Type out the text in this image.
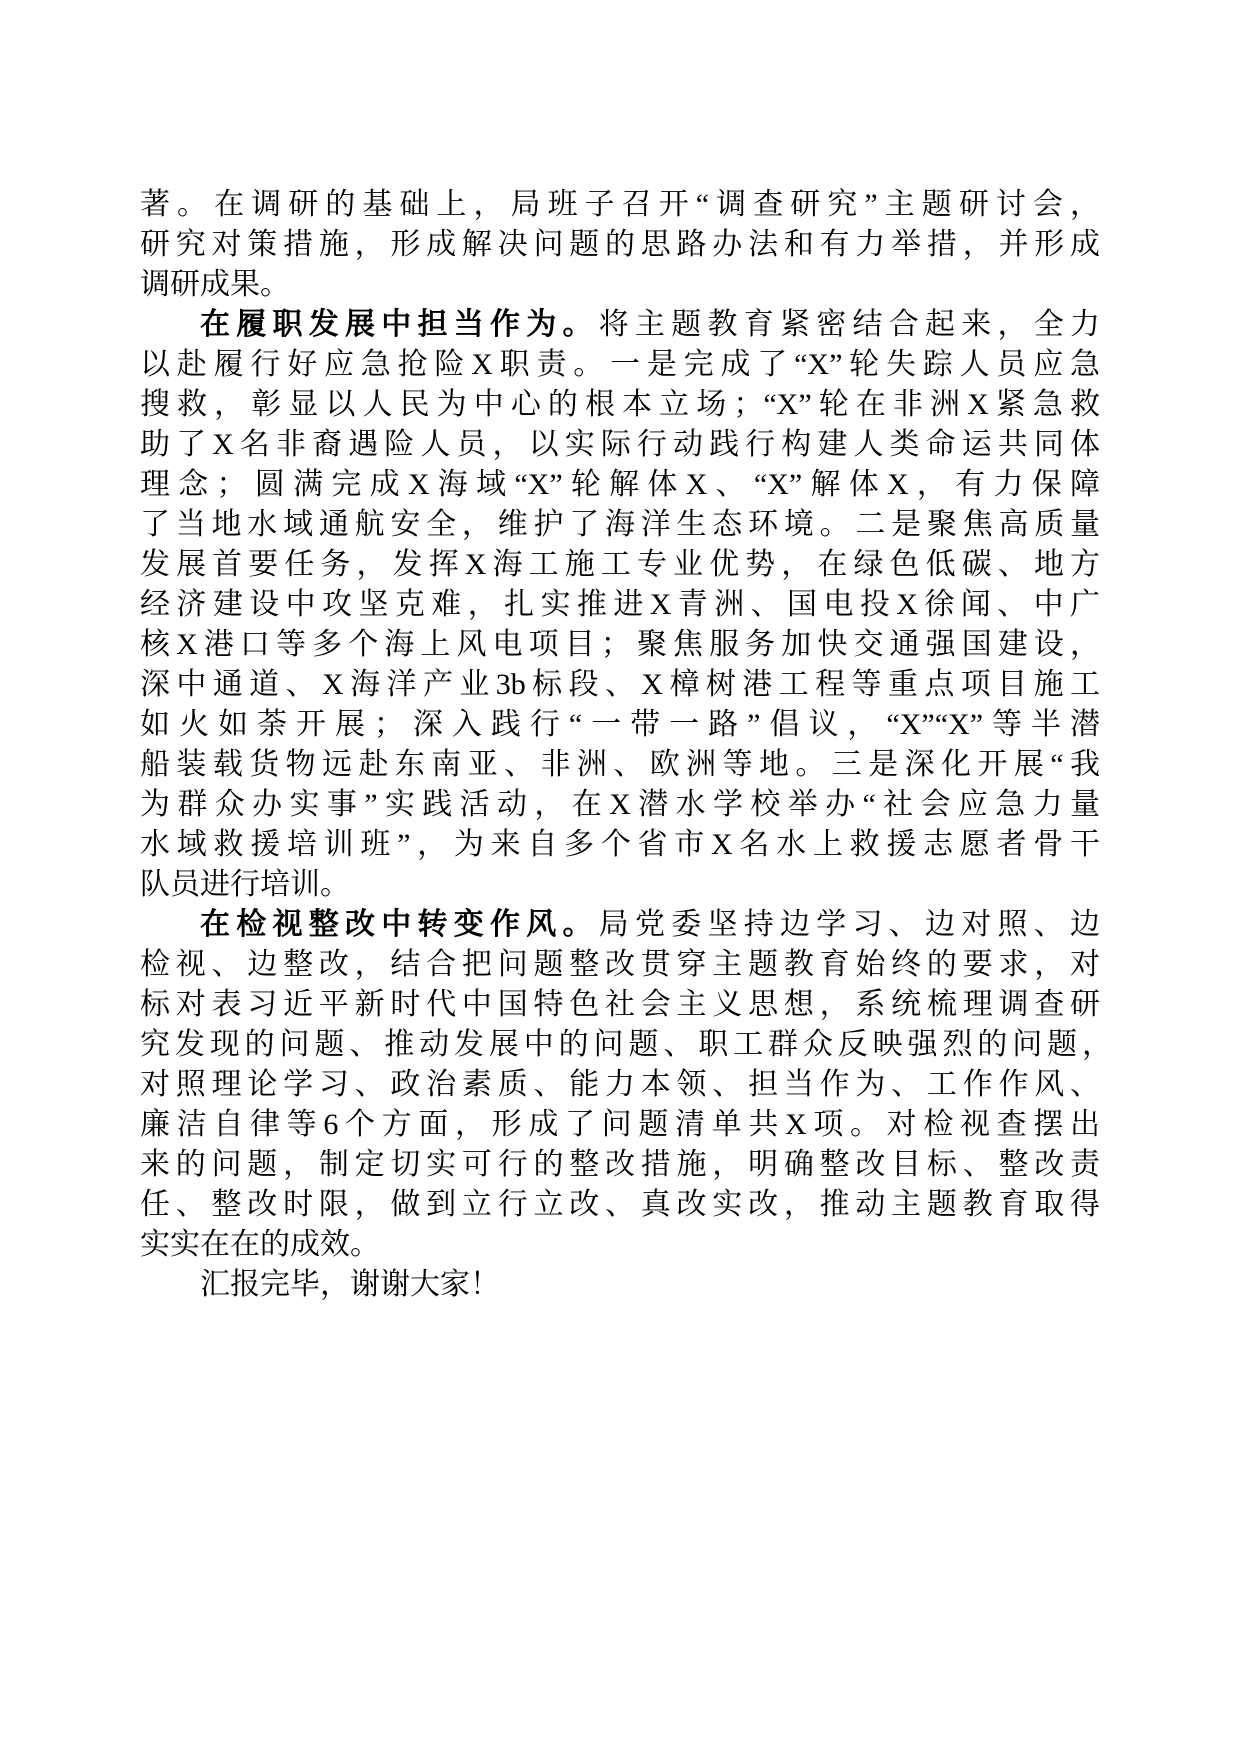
著。在调研的基础上，局班子召开“调查研究”主题研讨会，
研究对策措施，形成解决问题的思路办法和有力举措，并形成
调研成果。
在履职发展中担当作为。将主题教育紧密结合起来，全力
以赴履行好应急抢险X职责。一是完成了“X”轮失踪人员应急
搜救，彰显以人民为中心的根本立场；“X”轮在非洲X紧急救
助了X名非裔遇险人员，以实际行动践行构建人类命运共同体
理念；圆满完成X海域“X”轮解体X、“X”解体X，有力保障
了当地水域通航安全，维护了海洋生态环境。二是聚焦高质量
发展首要任务，发挥X海工施工专业优势，在绿色低碳、地方
经济建设中攻坚克难，扎实推进X青洲、国电投X徐闻、中广
核X港口等多个海上风电项目；聚焦服务加快交通强国建设，
深中通道、X海洋产业3b标段、X樟树港工程等重点项目施工
如火如荼开展；深入践行“一带一路”倡议，“X”“X”等半潜
船装载货物远赴东南亚、非洲、欧洲等地。三是深化开展“我
为群众办实事”实践活动，在X潜水学校举办“社会应急力量
水域救援培训班”，为来自多个省市X名水上救援志愿者骨干
队员进行培训。
在检视整改中转变作风。局党委坚持边学习、边对照、边
检视、边整改，结合把问题整改贯穿主题教育始终的要求，对
标对表习近平新时代中国特色社会主义思想，系统梳理调查研
究发现的问题、推动发展中的问题、职工群众反映强烈的问题，
对照理论学习、政治素质、能力本领、担当作为、工作作风、
廉洁自律等6个方面，形成了问题清单共X项。对检视查摆出
来的问题，制定切实可行的整改措施，明确整改目标、整改责
任、整改时限，做到立行立改、真改实改，推动主题教育取得
实实在在的成效。
汇报完毕，谢谢大家！
